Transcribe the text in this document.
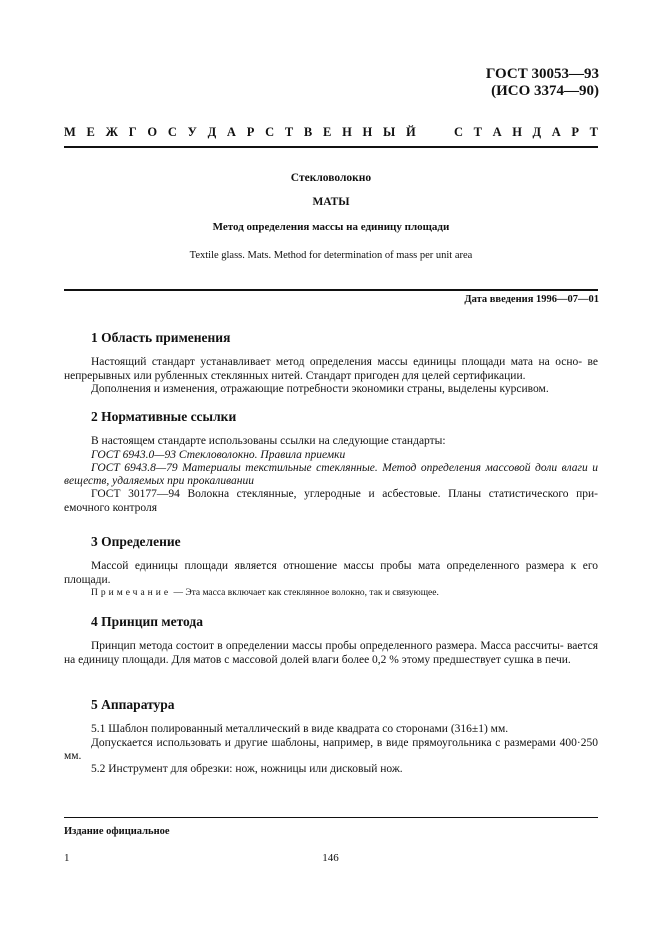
ГОСТ 30053—93
(ИСО 3374—90)
М Е Ж Г О С У Д А Р С Т В Е Н Н Ы Й	С Т А Н Д А Р Т
Стекловолокно
МАТЫ
Метод определения массы на единицу площади
Textile glass. Mats. Method for determination of mass per unit area
Дата введения 1996—07—01
1 Область применения

Настоящий стандарт устанавливает метод определения массы единицы площади мата на осно- ве непрерывных или рубленных стеклянных нитей. Стандарт пригоден для целей сертификации.

Дополнения и изменения, отражающие потребности экономики страны, выделены курсивом.

2 Нормативные ссылки

В настоящем стандарте использованы ссылки на следующие стандарты:

ГОСТ 6943.0—93 Стекловолокно. Правила приемки

ГОСТ 6943.8—79 Материалы текстильные стеклянные. Метод определения массовой доли влаги и веществ, удаляемых при прокаливании

ГОСТ 30177—94 Волокна стеклянные, углеродные и асбестовые. Планы статистического при- емочного контроля

3 Определение

Массой единицы площади является отношение массы пробы мата определенного размера к его площади.

Примечание — Эта масса включает как стеклянное волокно, так и связующее.

4 Принцип метода

Принцип метода состоит в определении массы пробы определенного размера. Масса рассчиты- вается на единицу площади. Для матов с массовой долей влаги более 0,2 % этому предшествует сушка в печи.

5 Аппаратура

5.1 Шаблон полированный металлический в виде квадрата со сторонами (316±1) мм.

Допускается использовать и другие шаблоны, например, в виде прямоугольника с размерами 400·250 мм.

5.2 Инструмент для обрезки: нож, ножницы или дисковый нож.

Издание официальное
1	146
